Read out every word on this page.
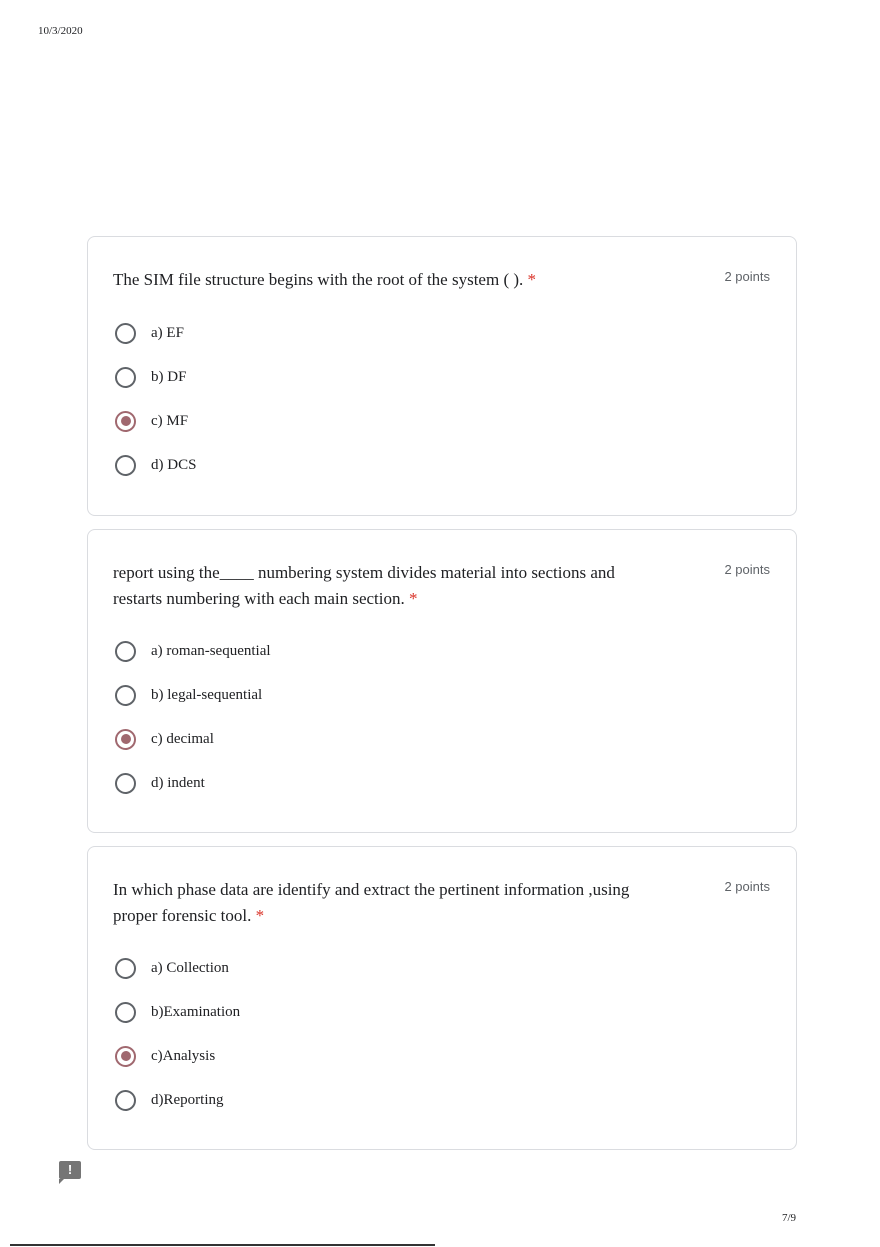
10/3/2020
The SIM file structure begins with the root of the system ( ). *	2 points
a) EF
b) DF
c) MF
d) DCS
report using the____ numbering system divides material into sections and restarts numbering with each main section. *
2 points
a) roman-sequential
b) legal-sequential
c) decimal
d) indent
In which phase data are identify and extract the pertinent information ,using proper forensic tool. *
2 points
a) Collection
b)Examination
c)Analysis
d)Reporting
!
7/9
